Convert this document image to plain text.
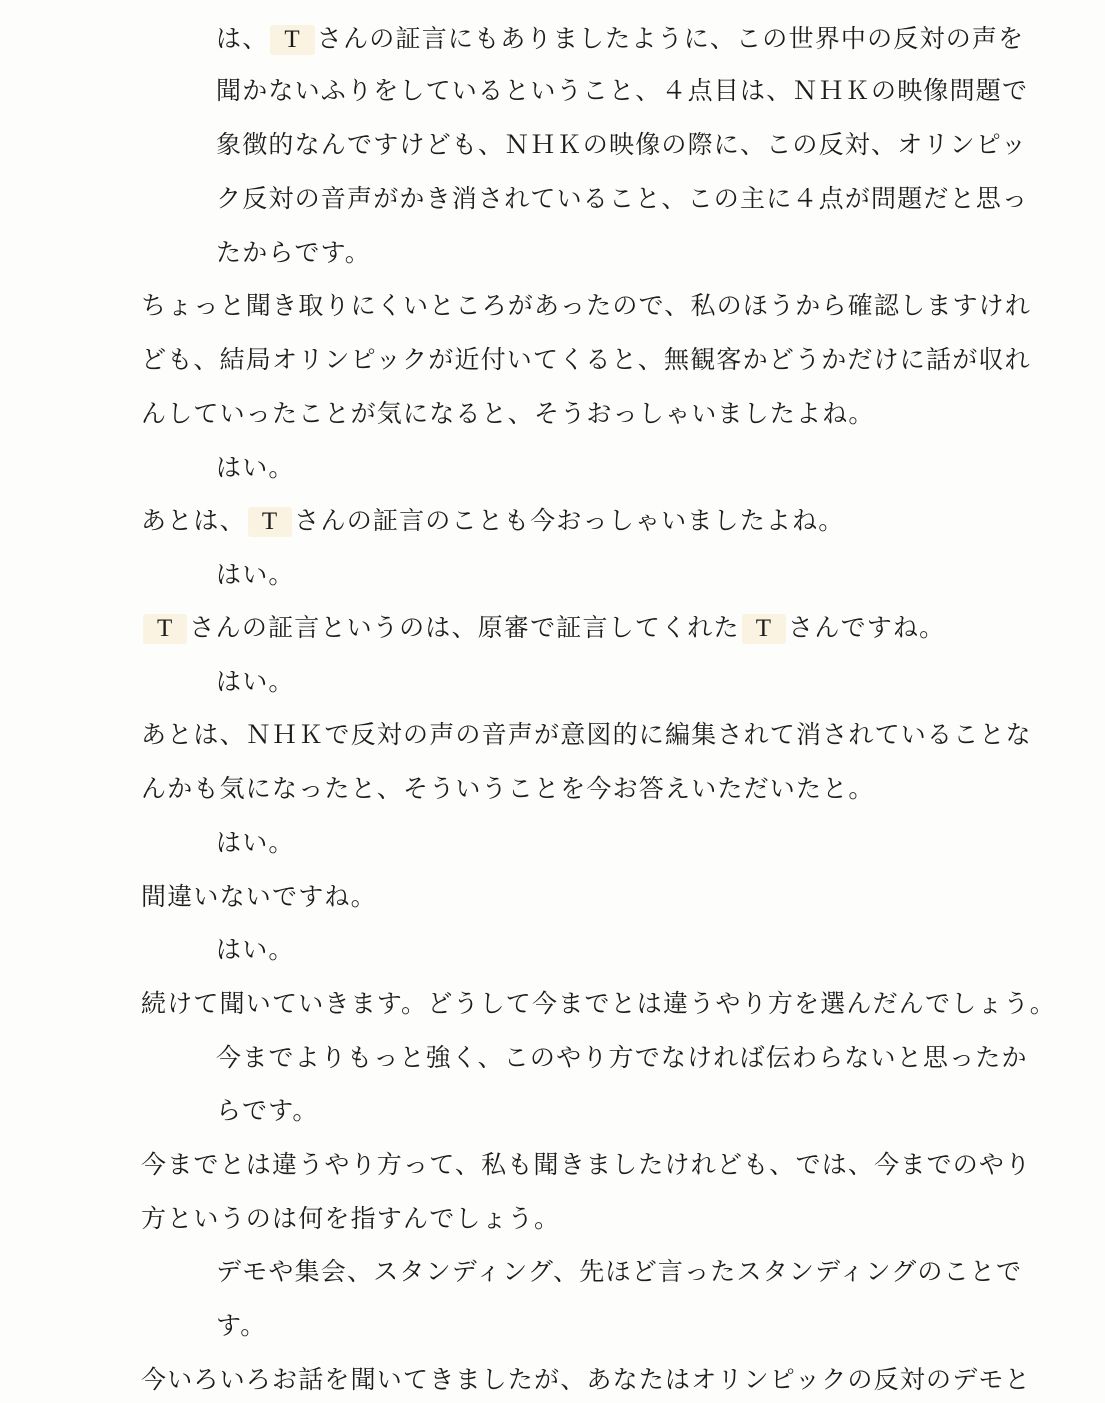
は、 T さんの証言にもありましたように、この世界中の反対の声を
聞かないふりをしているということ、４点目は、ＮＨＫの映像問題で
象徴的なんですけども、ＮＨＫの映像の際に、この反対、オリンピッ
ク反対の音声がかき消されていること、この主に４点が問題だと思っ
たからです。
ちょっと聞き取りにくいところがあったので、私のほうから確認しますけれ
ども、結局オリンピックが近付いてくると、無観客かどうかだけに話が収れ
んしていったことが気になると、そうおっしゃいましたよね。
はい。
あとは、 T さんの証言のことも今おっしゃいましたよね。
はい。
T さんの証言というのは、原審で証言してくれた T さんですね。
はい。
あとは、ＮＨＫで反対の声の音声が意図的に編集されて消されていることな
んかも気になったと、そういうことを今お答えいただいたと。
はい。
間違いないですね。
はい。
続けて聞いていきます。どうして今までとは違うやり方を選んだんでしょう。
今までよりもっと強く、このやり方でなければ伝わらないと思ったか
らです。
今までとは違うやり方って、私も聞きましたけれども、では、今までのやり
方というのは何を指すんでしょう。
デモや集会、スタンディング、先ほど言ったスタンディングのことで
す。
今いろいろお話を聞いてきましたが、あなたはオリンピックの反対のデモと
